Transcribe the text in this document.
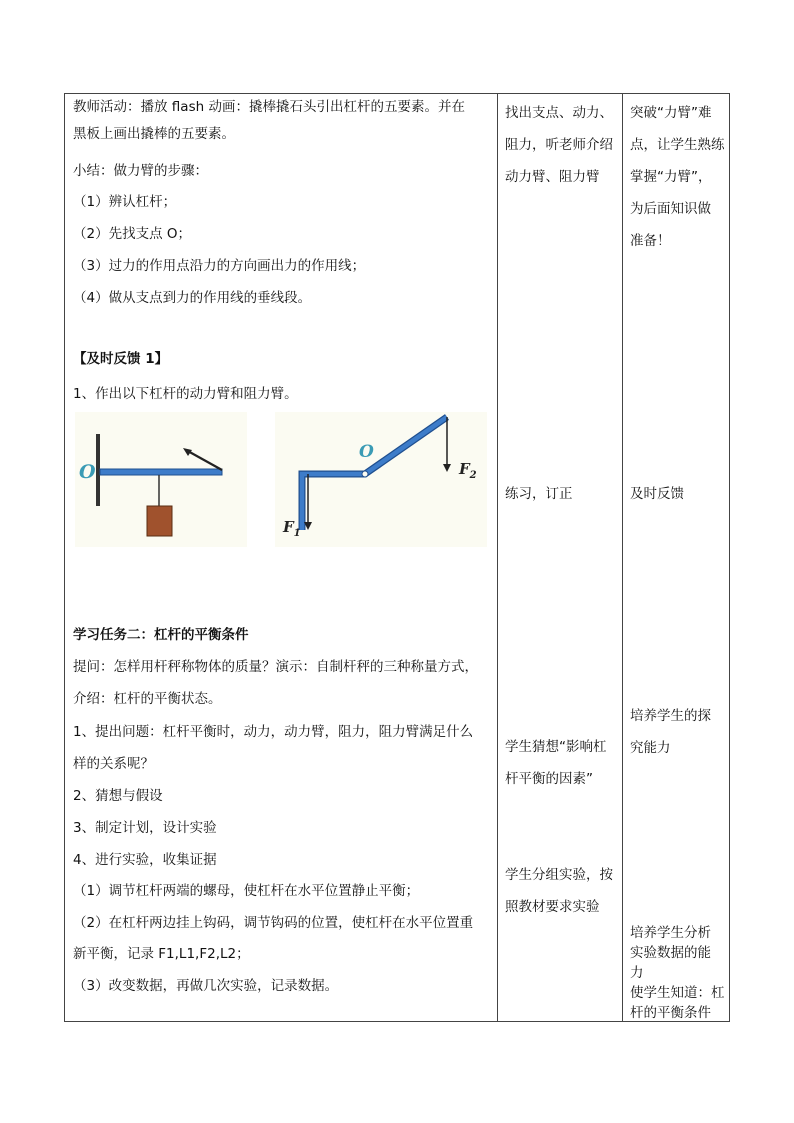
教师活动：播放 flash 动画：撬棒撬石头引出杠杆的五要素。并在
黑板上画出撬棒的五要素。
小结：做力臂的步骤：
（1）辨认杠杆；
（2）先找支点 O；
（3）过力的作用点沿力的方向画出力的作用线；
（4）做从支点到力的作用线的垂线段。
【及时反馈 1】
1、作出以下杠杆的动力臂和阻力臂。
O
O
$F_2$
$F_1$
学习任务二：杠杆的平衡条件
提问：怎样用杆秤称物体的质量？演示：自制杆秤的三种称量方式，
介绍：杠杆的平衡状态。
1、提出问题：杠杆平衡时，动力，动力臂，阻力，阻力臂满足什么
样的关系呢？
2、猜想与假设
3、制定计划，设计实验
4、进行实验，收集证据
（1）调节杠杆两端的螺母，使杠杆在水平位置静止平衡；
（2）在杠杆两边挂上钩码，调节钩码的位置，使杠杆在水平位置重
新平衡，记录 F1,L1,F2,L2；
（3）改变数据，再做几次实验，记录数据。
找出支点、动力、
阻力，听老师介绍
动力臂、阻力臂
练习，订正
学生猜想“影响杠
杆平衡的因素”
学生分组实验，按
照教材要求实验
突破“力臂”难
点，让学生熟练
掌握“力臂”，
为后面知识做
准备！
及时反馈
培养学生的探
究能力
培养学生分析
实验数据的能
力
使学生知道：杠
杆的平衡条件
